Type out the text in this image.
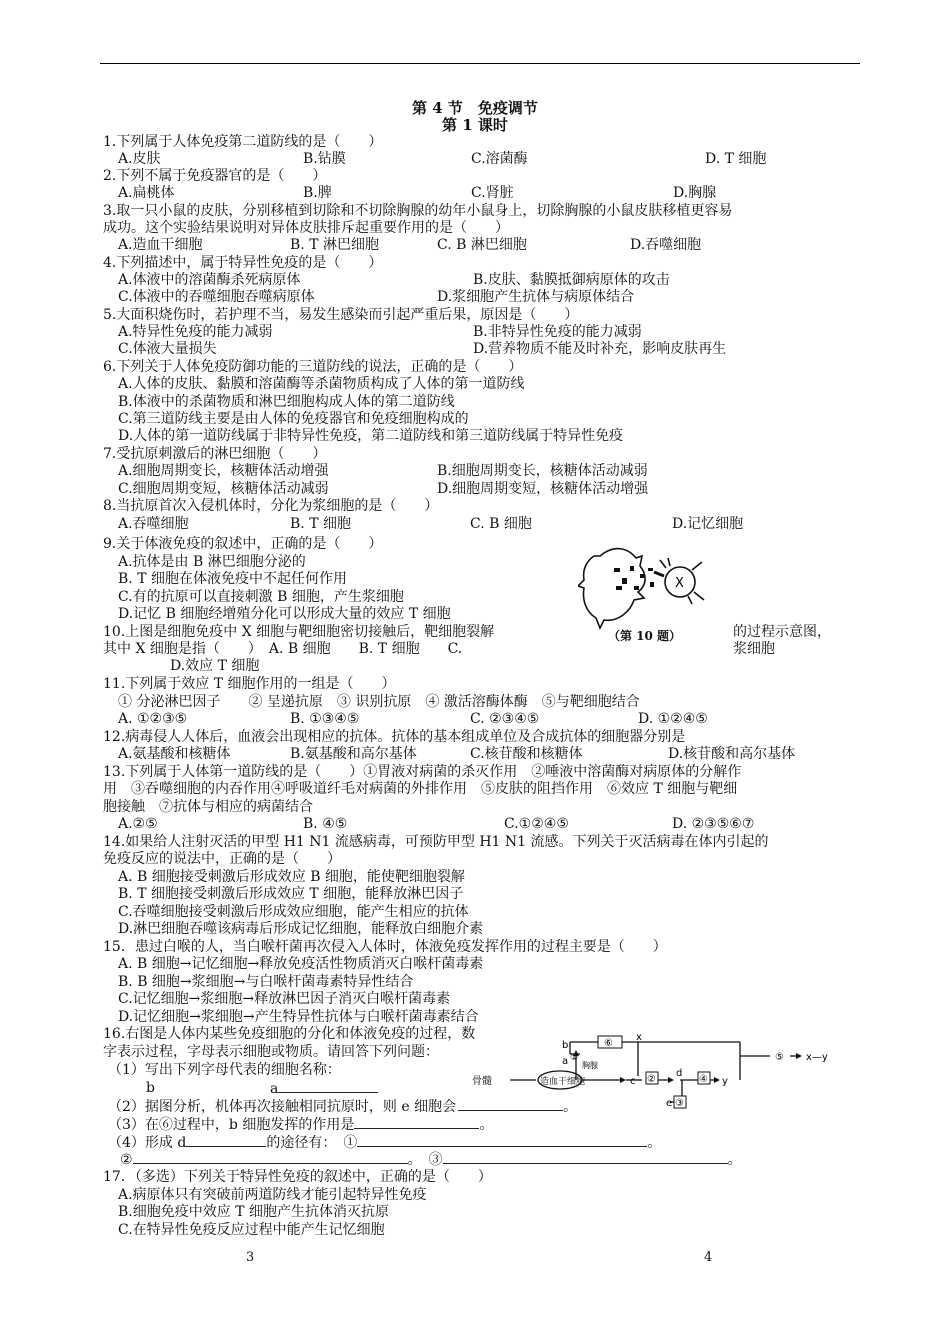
第 4 节　免疫调节
第 1 课时
1.下列属于人体免疫第二道防线的是（　　）
A.皮肤	B.钻膜	C.溶菌酶	D. T 细胞
2.下列不属于免疫器官的是（　　）
A.扁桃体	B.脾	C.肾脏	D.胸腺
3.取一只小鼠的皮肤，分别移植到切除和不切除胸腺的幼年小鼠身上，切除胸腺的小鼠皮肤移植更容易
成功。这个实验结果说明对异体皮肤排斥起重要作用的是（　　）
A.造血干细胞	B. T 淋巴细胞	C. B 淋巴细胞	D.吞噬细胞
4.下列描述中，属于特异性免疫的是（　　）
A.体液中的溶菌酶杀死病原体	B.皮肤、黏膜抵御病原体的攻击
C.体液中的吞噬细胞吞噬病原体	D.浆细胞产生抗体与病原体结合
5.大面积烧伤时，若护理不当，易发生感染而引起严重后果，原因是（　　）
A.特异性免疫的能力减弱	B.非特异性免疫的能力减弱
C.体液大量损失	D.营养物质不能及时补充，影响皮肤再生
6.下列关于人体免疫防御功能的三道防线的说法，正确的是（　　）
A.人体的皮肤、黏膜和溶菌酶等杀菌物质构成了人体的第一道防线
B.体液中的杀菌物质和淋巴细胞构成人体的第二道防线
C.第三道防线主要是由人体的免疫器官和免疫细胞构成的
D.人体的第一道防线属于非特异性免疫，第二道防线和第三道防线属于特异性免疫
7.受抗原刺激后的淋巴细胞（　　）
A.细胞周期变长，核糖体活动增强	B.细胞周期变长，核糖体活动减弱
C.细胞周期变短，核糖体活动减弱	D.细胞周期变短，核糖体活动增强
8.当抗原首次入侵机体时，分化为浆细胞的是（　　）
A.吞噬细胞	B. T 细胞	C. B 细胞	D.记忆细胞
9.关于体液免疫的叙述中，正确的是（　　）
A.抗体是由 B 淋巴细胞分泌的
B. T 细胞在体液免疫中不起任何作用
C.有的抗原可以直接刺激 B 细胞，产生浆细胞
D.记忆 B 细胞经增殖分化可以形成大量的效应 T 细胞
X
（第 10 题）
10.上图是细胞免疫中 X 细胞与靶细胞密切接触后，靶细胞裂解	的过程示意图，
其中 X 细胞是指（　　）　A. B 细胞　　B. T 细胞　　C.	浆细胞
D.效应 T 细胞
11.下列属于效应 T 细胞作用的一组是（　　）
① 分泌淋巴因子　　② 呈递抗原　③ 识别抗原　④ 激活溶酶体酶　⑤与靶细胞结合
A. ①②③⑤	B. ①③④⑤	C. ②③④⑤	D. ①②④⑤
12.病毒侵人人体后，血液会出现相应的抗体。抗体的基本组成单位及合成抗体的细胞器分别是
A.氨基酸和核糖体	B.氨基酸和高尔基体	C.核苷酸和核糖体	D.核苷酸和高尔基体
13.下列属于人体第一道防线的是（　　）①胃液对病菌的杀灭作用　②唾液中溶菌酶对病原体的分解作
用　③吞噬细胞的内吞作用④呼吸道纤毛对病菌的外排作用　⑤皮肤的阻挡作用　⑥效应 T 细胞与靶细
胞接触　⑦抗体与相应的病菌结合
A.②⑤	B. ④⑤	C.①②④⑤	D. ②③⑤⑥⑦
14.如果给人注射灭活的甲型 H1 N1 流感病毒，可预防甲型 H1 N1 流感。下列关于灭活病毒在体内引起的
免疫反应的说法中，正确的是（　　）
A. B 细胞接受刺激后形成效应 B 细胞，能使靶细胞裂解
B. T 细胞接受刺激后形成效应 T 细胞，能释放淋巴因子
C.吞噬细胞接受刺激后形成效应细胞，能产生相应的抗体
D.淋巴细胞吞噬该病毒后形成记忆细胞，能释放白细胞介素
15．患过白喉的人，当白喉杆菌再次侵入人体时，体液免疫发挥作用的过程主要是（　　）
A. B 细胞→记忆细胞→释放免疫活性物质消灭白喉杆菌毒素
B. B 细胞→浆细胞→与白喉杆菌毒素特异性结合
C.记忆细胞→浆细胞→释放淋巴因子消灭白喉杆菌毒素
D.记忆细胞→浆细胞→产生特异性抗体与白喉杆菌毒素结合
16.右图是人体内某些免疫细胞的分化和体液免疫的过程，数
字表示过程，字母表示细胞或物质。请回答下列问题：
（1）写出下列字母代表的细胞名称：
b	a
（2）据图分析，机体再次接触相同抗原时，则 e 细胞会	。
（3）在⑥过程中，b 细胞发挥的作用是	。
（4）形成 d	的途径有：　①	。
②	。　③	。
骨髓	造血干细胞
胸腺
b
a
x
c
d
e
y
x—y
⑥
②	④
③
⑤
①
17．（多选）下列关于特异性免疫的叙述中，正确的是（　　）
A.病原体只有突破前两道防线才能引起特异性免疫
B.细胞免疫中效应 T 细胞产生抗体消灭抗原
C.在特异性免疫反应过程中能产生记忆细胞
3	4
